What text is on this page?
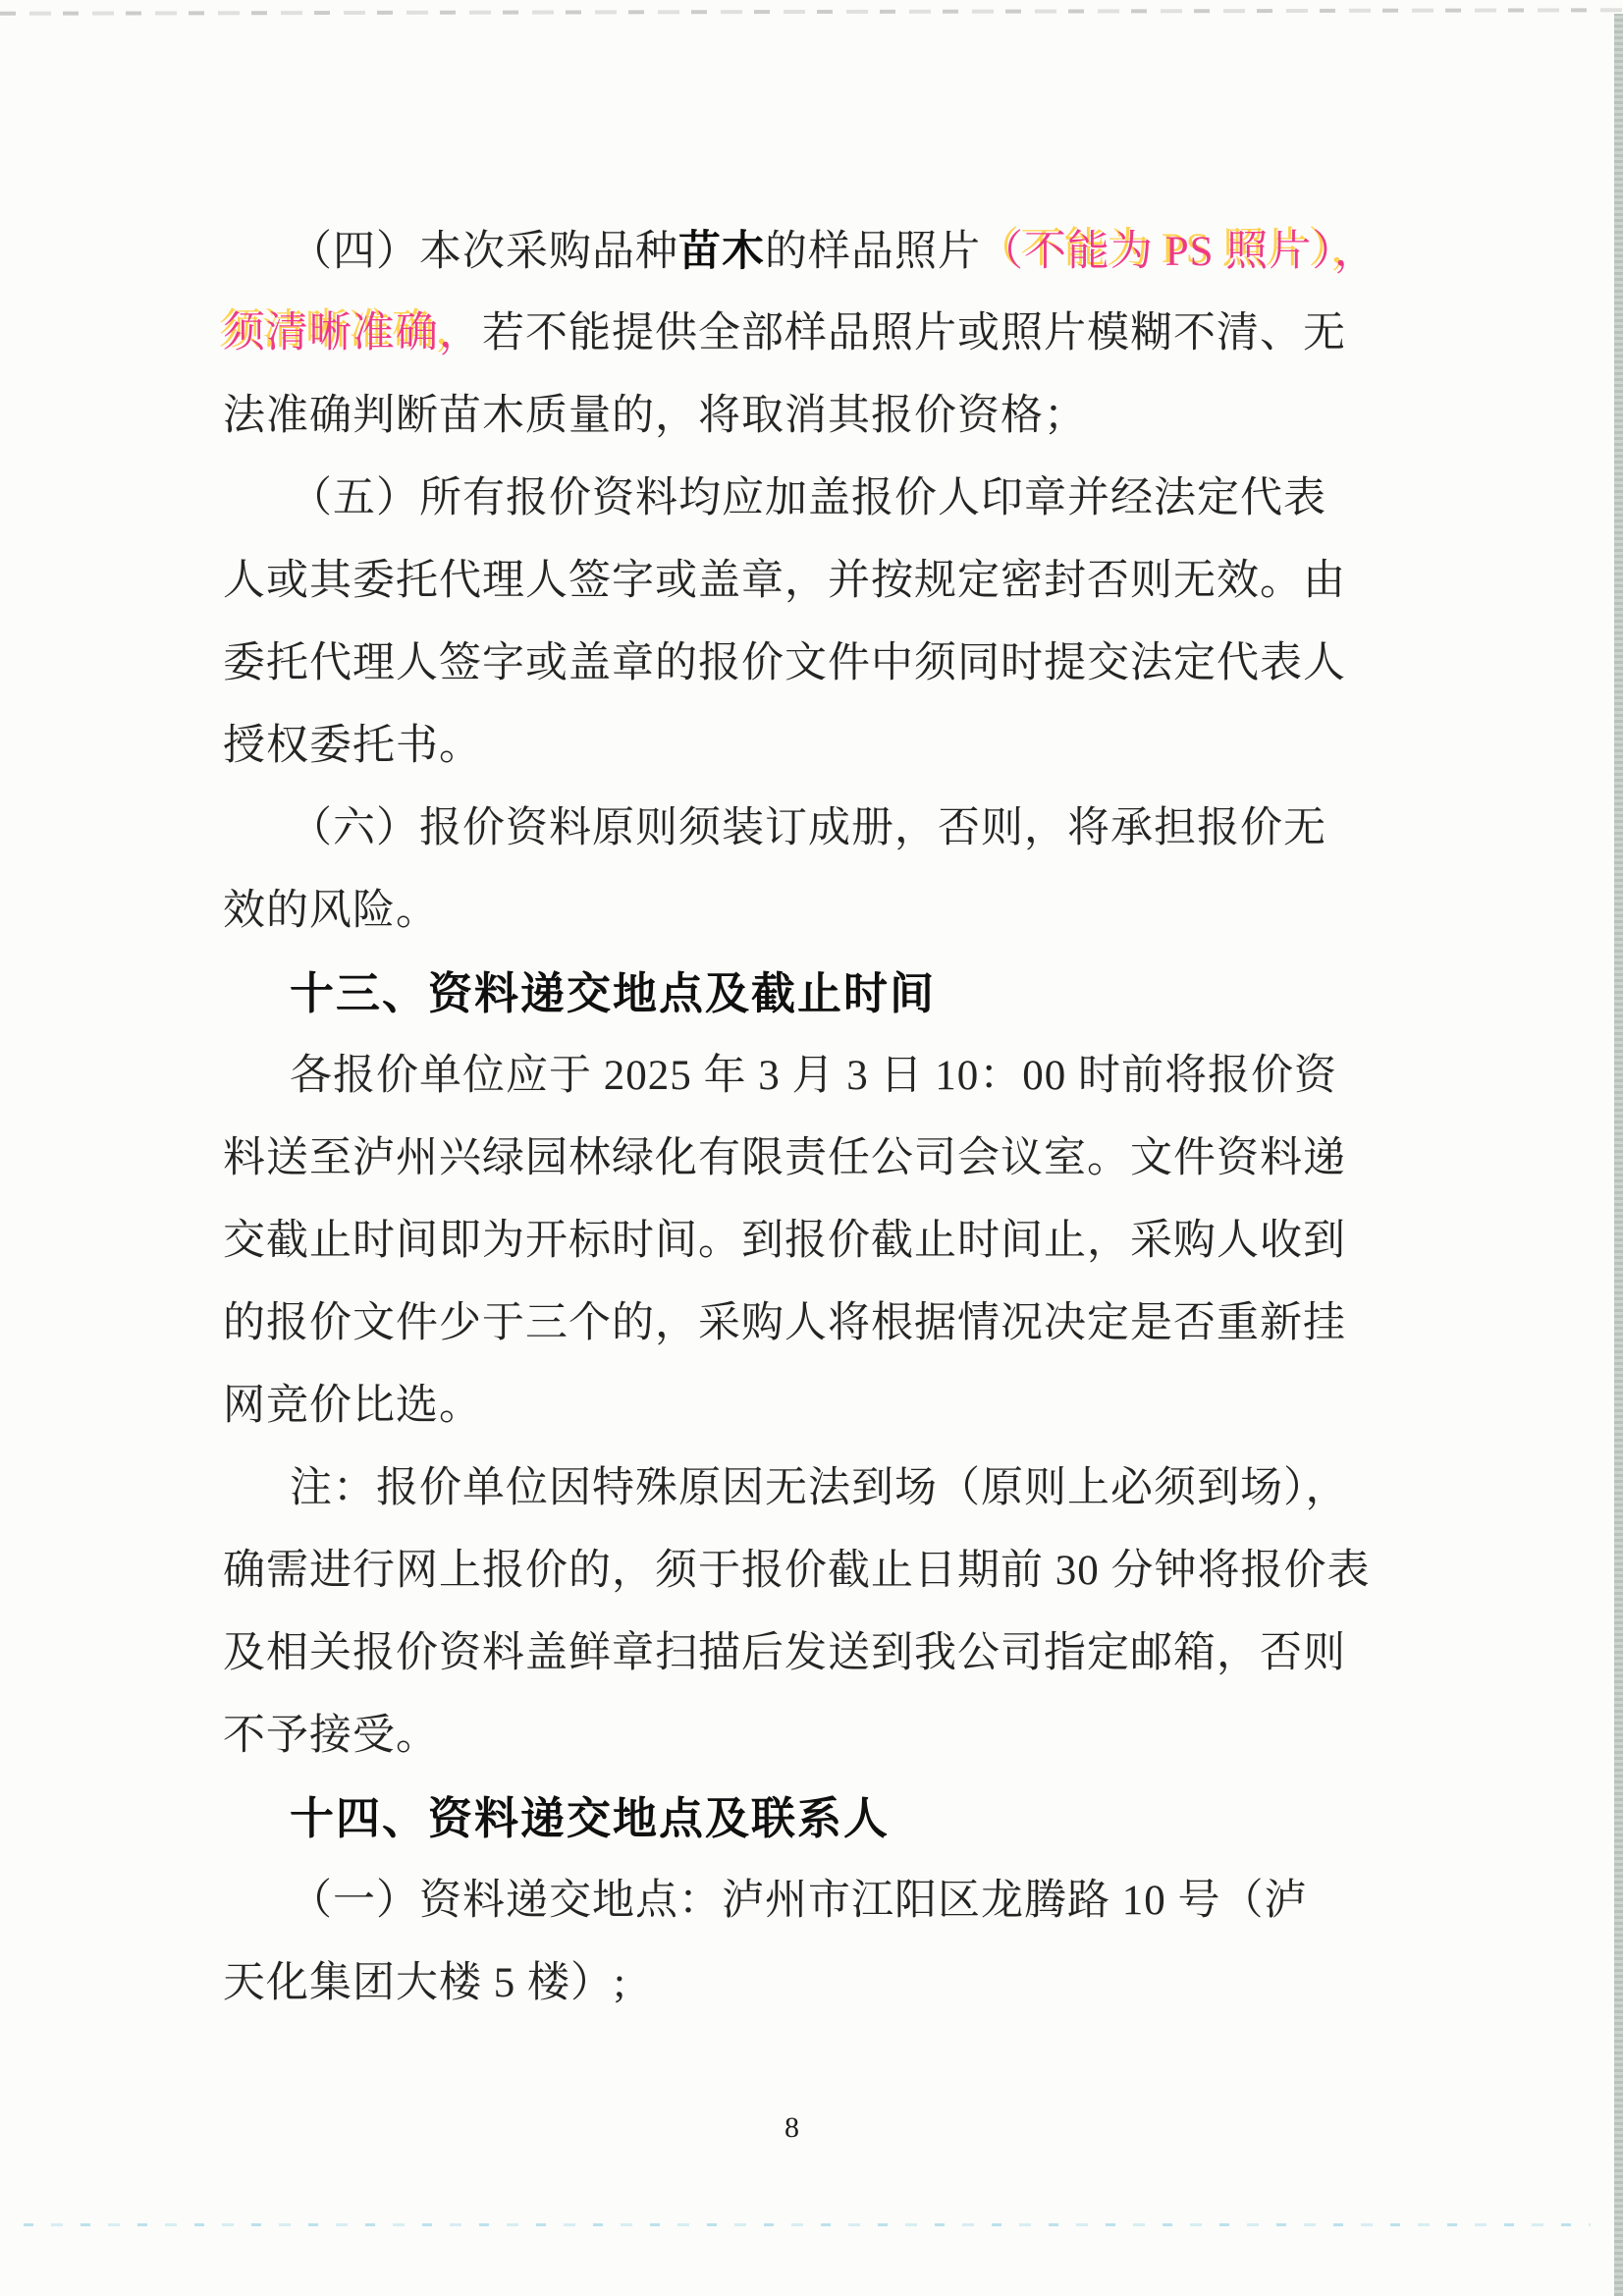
（四）本次采购品种苗木的样品照片（不能为 PS 照片），
须清晰准确，若不能提供全部样品照片或照片模糊不清、无
法准确判断苗木质量的，将取消其报价资格；
（五）所有报价资料均应加盖报价人印章并经法定代表
人或其委托代理人签字或盖章，并按规定密封否则无效。由
委托代理人签字或盖章的报价文件中须同时提交法定代表人
授权委托书。
（六）报价资料原则须装订成册，否则，将承担报价无
效的风险。
十三、资料递交地点及截止时间
各报价单位应于 2025 年 3 月 3 日 10：00 时前将报价资
料送至泸州兴绿园林绿化有限责任公司会议室。文件资料递
交截止时间即为开标时间。到报价截止时间止，采购人收到
的报价文件少于三个的，采购人将根据情况决定是否重新挂
网竞价比选。
注：报价单位因特殊原因无法到场（原则上必须到场），
确需进行网上报价的，须于报价截止日期前 30 分钟将报价表
及相关报价资料盖鲜章扫描后发送到我公司指定邮箱，否则
不予接受。
十四、资料递交地点及联系人
（一）资料递交地点：泸州市江阳区龙腾路 10 号（泸
天化集团大楼 5 楼）;
8
